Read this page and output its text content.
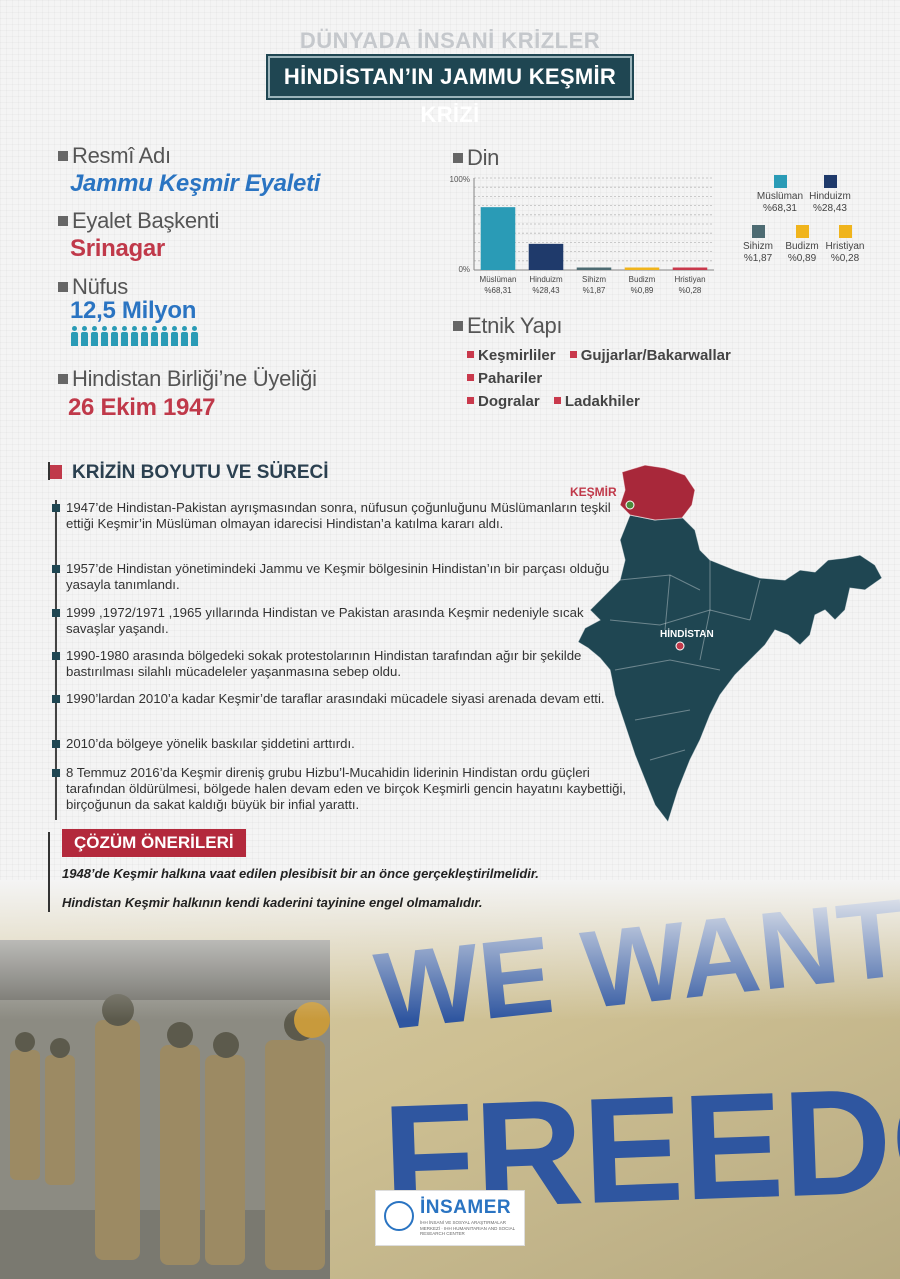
DÜNYADA İNSANİ KRİZLER
HİNDİSTAN’IN JAMMU KEŞMİR KRİZİ
Resmî Adı
Jammu Keşmir Eyaleti
Eyalet Başkenti
Srinagar
Nüfus
12,5 Milyon
Hindistan Birliği’ne Üyeliği
26 Ekim 1947
Din
100%
0%
Müslüman
%68,31
Hinduizm
%28,43
Sihizm
%1,87
Budizm
%0,89
Hristiyan
%0,28
Müslüman
%68,31
Hinduizm
%28,43
Sihizm
%1,87
Budizm
%0,89
Hristiyan
%0,28
Etnik Yapı
Keşmirliler Gujjarlar/Bakarwallar Pahariler
Dogralar Ladakhiler
KRİZİN BOYUTU VE SÜRECİ
1947’de Hindistan-Pakistan ayrışmasından sonra, nüfusun çoğunluğunu Müslümanların teşkil ettiği Keşmir’in Müslüman olmayan idarecisi Hindistan’a katılma kararı aldı.
1957’de Hindistan yönetimindeki Jammu ve Keşmir bölgesinin Hindistan’ın bir parçası olduğu yasayla tanımlandı.
1999 ,1972/1971 ,1965 yıllarında Hindistan ve Pakistan arasında Keşmir nedeniyle sıcak savaşlar yaşandı.
1990-1980 arasında bölgedeki sokak protestolarının Hindistan tarafından ağır bir şekilde bastırılması silahlı mücadeleler yaşanmasına sebep oldu.
1990’lardan 2010’a kadar Keşmir’de taraflar arasındaki mücadele siyasi arenada devam etti.
2010’da bölgeye yönelik baskılar şiddetini arttırdı.
8 Temmuz 2016’da Keşmir direniş grubu Hizbu’l-Mucahidin liderinin Hindistan ordu güçleri tarafından öldürülmesi, bölgede halen devam eden ve birçok Keşmirli gencin hayatını kaybettiği, birçoğunun da sakat kaldığı büyük bir infial yarattı.
KEŞMİR
HİNDİSTAN
ÇÖZÜM ÖNERİLERİ
1948’de Keşmir halkına vaat edilen plesibisit bir an önce gerçekleştirilmelidir.
Hindistan Keşmir halkının kendi kaderini tayinine engel olmamalıdır.
İNSAMER
İHH İNSANİ VE SOSYAL ARAŞTIRMALAR MERKEZİ · IHH HUMANITARIAN AND SOCIAL RESEARCH CENTER
